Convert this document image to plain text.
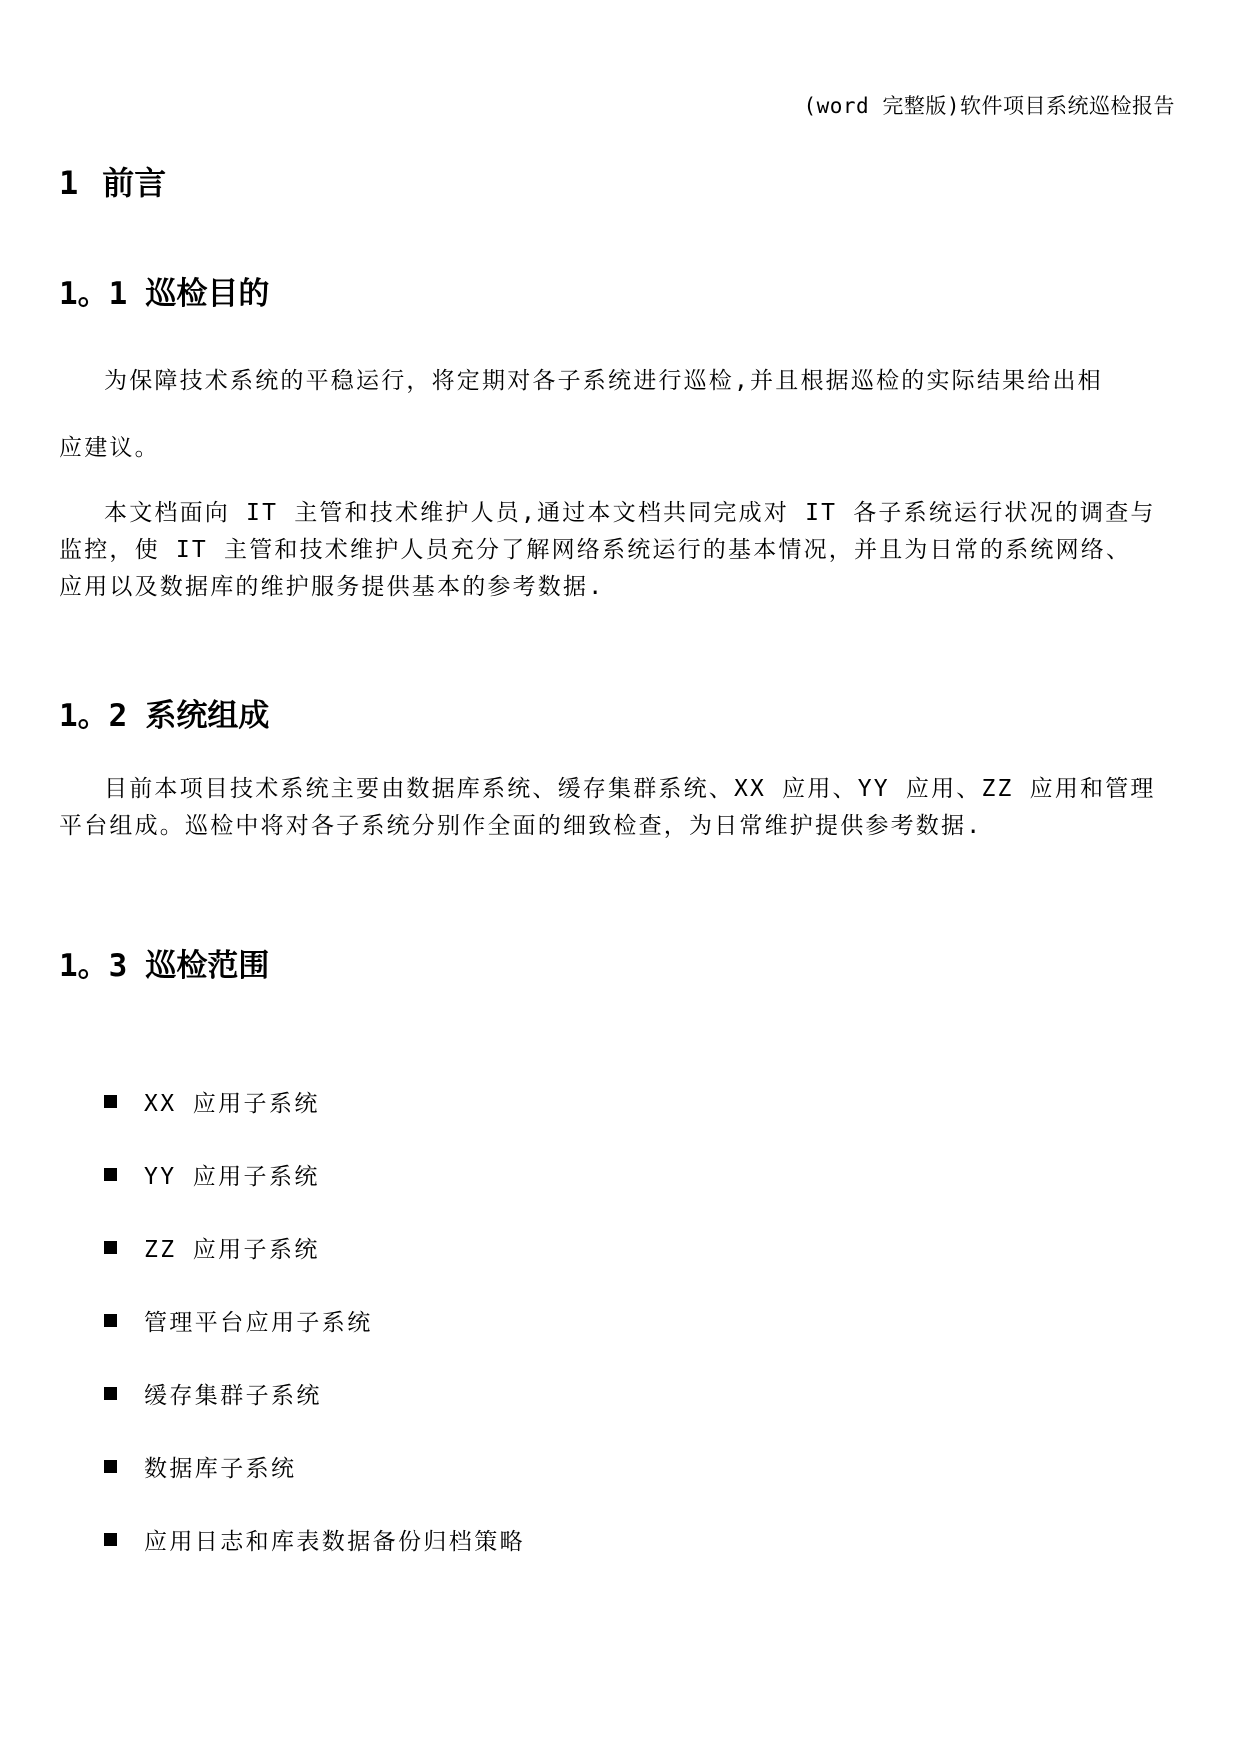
(word 完整版)软件项目系统巡检报告
1 前言
1。1 巡检目的
为保障技术系统的平稳运行，将定期对各子系统进行巡检,并且根据巡检的实际结果给出相
应建议。
本文档面向 IT 主管和技术维护人员,通过本文档共同完成对 IT 各子系统运行状况的调查与
监控，使 IT 主管和技术维护人员充分了解网络系统运行的基本情况，并且为日常的系统网络、
应用以及数据库的维护服务提供基本的参考数据.
1。2 系统组成
目前本项目技术系统主要由数据库系统、缓存集群系统、XX 应用、YY 应用、ZZ 应用和管理
平台组成。巡检中将对各子系统分别作全面的细致检查，为日常维护提供参考数据.
1。3 巡检范围
XX 应用子系统
YY 应用子系统
ZZ 应用子系统
管理平台应用子系统
缓存集群子系统
数据库子系统
应用日志和库表数据备份归档策略
